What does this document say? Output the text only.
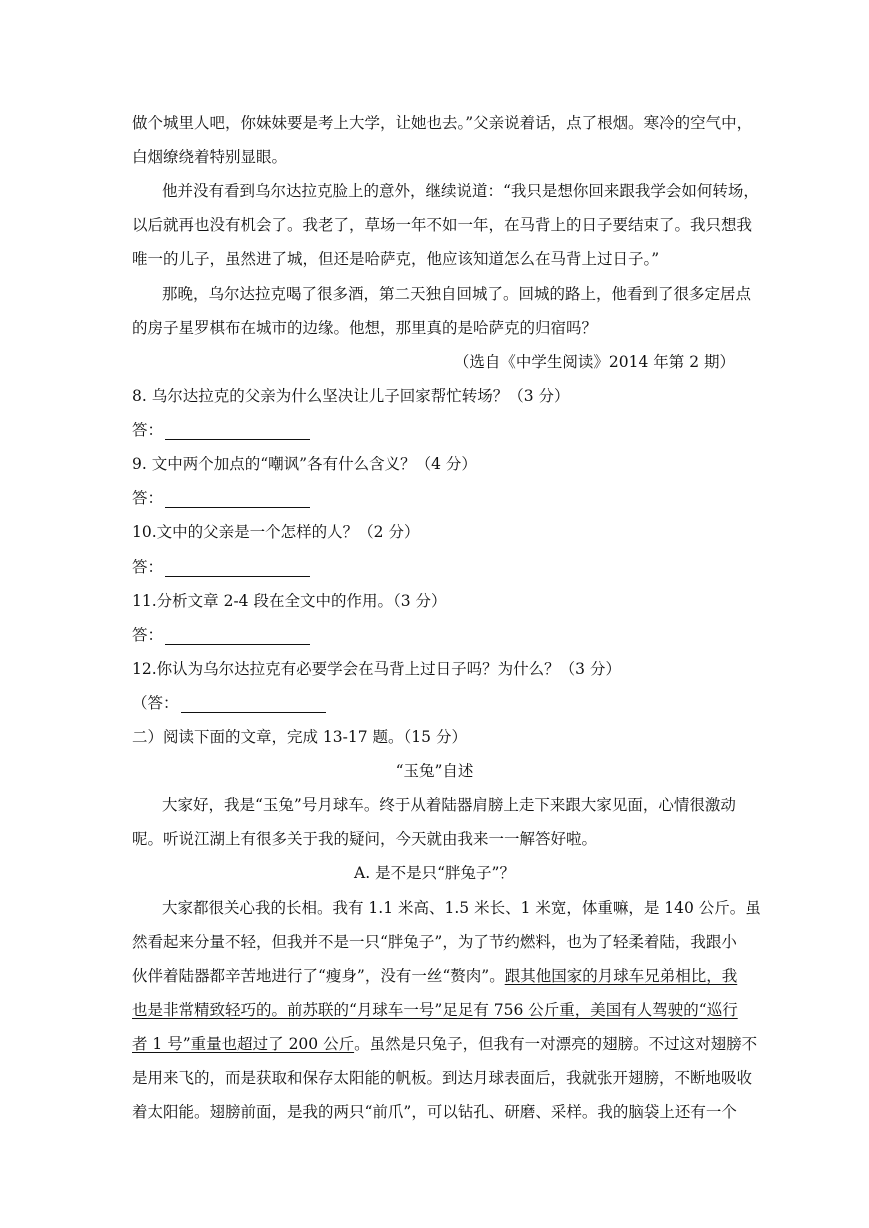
做个城里人吧，你妹妹要是考上大学，让她也去。”父亲说着话，点了根烟。寒冷的空气中，
白烟缭绕着特别显眼。
他并没有看到乌尔达拉克脸上的意外，继续说道：“我只是想你回来跟我学会如何转场，
以后就再也没有机会了。我老了，草场一年不如一年，在马背上的日子要结束了。我只想我
唯一的儿子，虽然进了城，但还是哈萨克，他应该知道怎么在马背上过日子。”
那晚，乌尔达拉克喝了很多酒，第二天独自回城了。回城的路上，他看到了很多定居点
的房子星罗棋布在城市的边缘。他想，那里真的是哈萨克的归宿吗？
（选自《中学生阅读》2014 年第 2 期）
8. 乌尔达拉克的父亲为什么坚决让儿子回家帮忙转场？（3 分）
答：
9. 文中两个加点的“嘲讽”各有什么含义？（4 分）
答：
10.文中的父亲是一个怎样的人？（2 分）
答：
11.分析文章 2-4 段在全文中的作用。（3 分）
答：
12.你认为乌尔达拉克有必要学会在马背上过日子吗？为什么？（3 分）
（答：
二）阅读下面的文章，完成 13-17 题。（15 分）
“玉兔”自述
大家好，我是“玉兔”号月球车。终于从着陆器肩膀上走下来跟大家见面，心情很激动
呢。听说江湖上有很多关于我的疑问，今天就由我来一一解答好啦。
A. 是不是只“胖兔子”？
大家都很关心我的长相。我有 1.1 米高、1.5 米长、1 米宽，体重嘛，是 140 公斤。虽
然看起来分量不轻，但我并不是一只“胖兔子”，为了节约燃料，也为了轻柔着陆，我跟小
伙伴着陆器都辛苦地进行了“瘦身”，没有一丝“赘肉”。跟其他国家的月球车兄弟相比，我
也是非常精致轻巧的。前苏联的“月球车一号”足足有 756 公斤重，美国有人驾驶的“巡行
者 1 号”重量也超过了 200 公斤。虽然是只兔子，但我有一对漂亮的翅膀。不过这对翅膀不
是用来飞的，而是获取和保存太阳能的帆板。到达月球表面后，我就张开翅膀，不断地吸收
着太阳能。翅膀前面，是我的两只“前爪”，可以钻孔、研磨、采样。我的脑袋上还有一个
